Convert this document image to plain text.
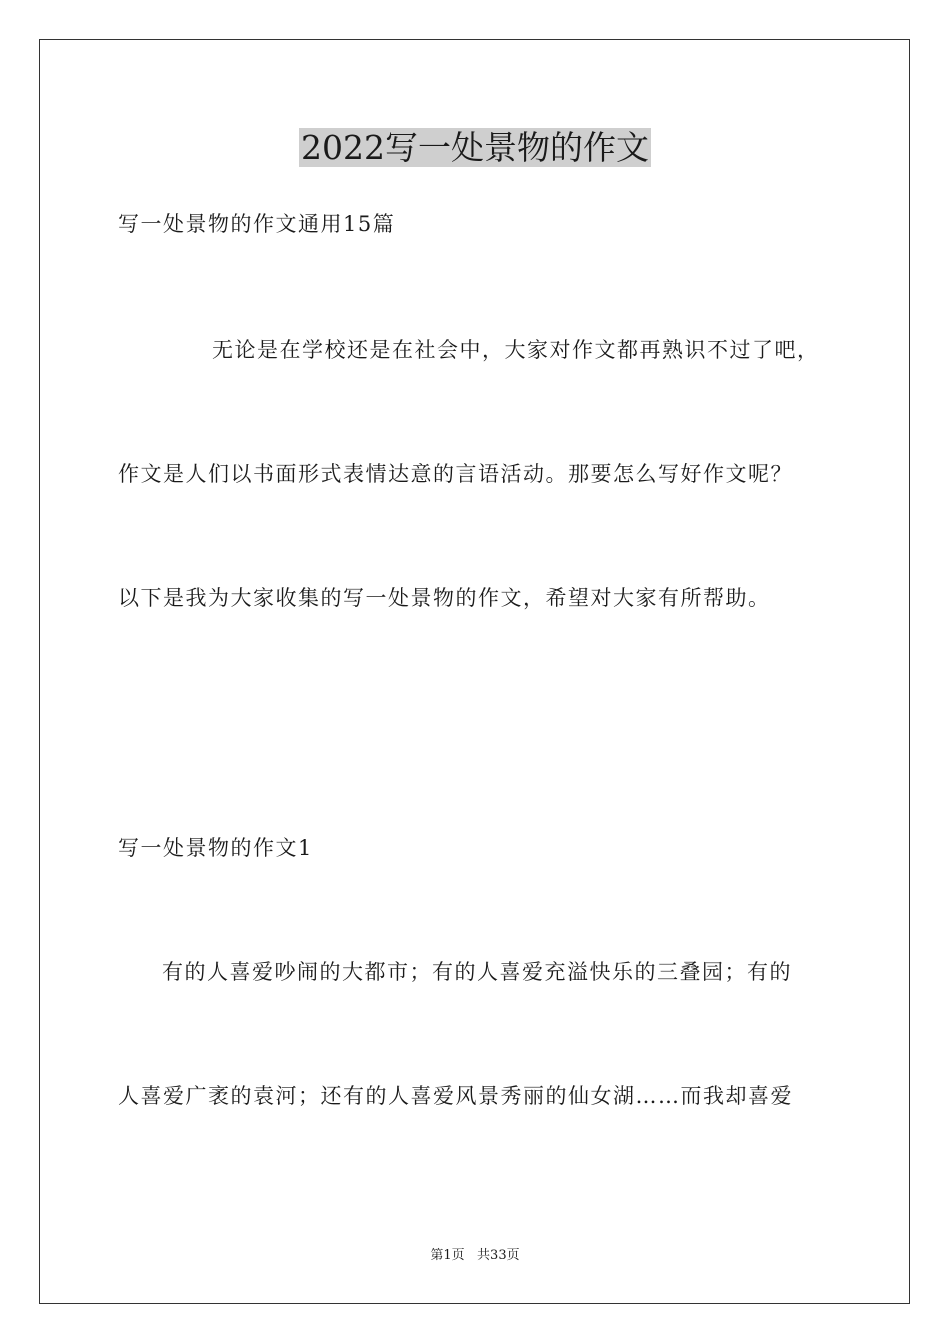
2022写一处景物的作文
写一处景物的作文通用15篇
无论是在学校还是在社会中，大家对作文都再熟识不过了吧，
作文是人们以书面形式表情达意的言语活动。那要怎么写好作文呢？
以下是我为大家收集的写一处景物的作文，希望对大家有所帮助。
写一处景物的作文1
有的人喜爱吵闹的大都市；有的人喜爱充溢快乐的三叠园；有的
人喜爱广袤的袁河；还有的人喜爱风景秀丽的仙女湖……而我却喜爱
第1页   共33页
